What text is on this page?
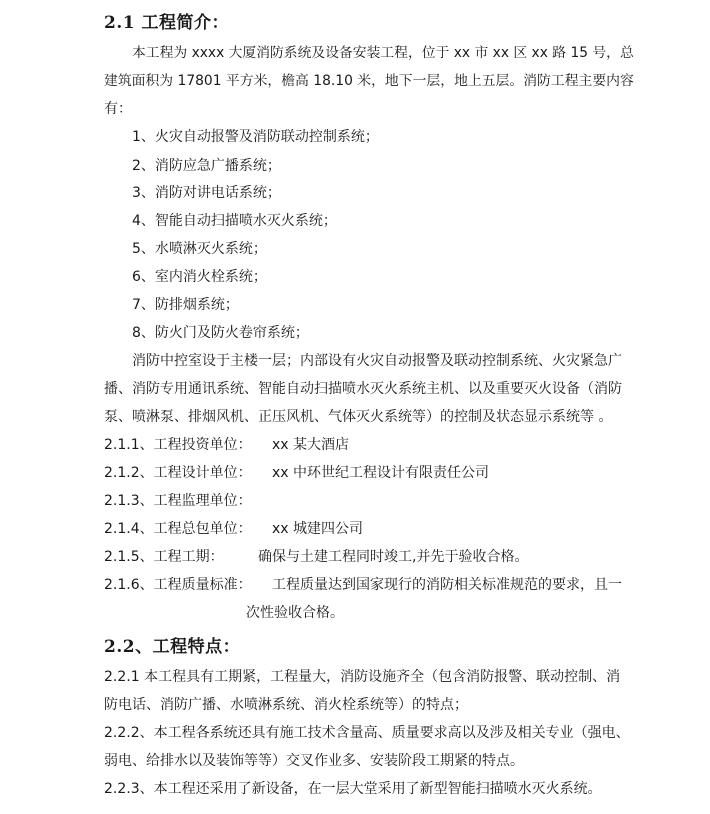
2.1 工程简介：
本工程为 xxxx 大厦消防系统及设备安装工程，位于 xx 市 xx 区 xx 路 15 号，总
建筑面积为 17801 平方米，檐高 18.10 米，地下一层，地上五层。消防工程主要内容
有：
1、火灾自动报警及消防联动控制系统；
2、消防应急广播系统；
3、消防对讲电话系统；
4、智能自动扫描喷水灭火系统；
5、水喷淋灭火系统；
6、室内消火栓系统；
7、防排烟系统；
8、防火门及防火卷帘系统；
消防中控室设于主楼一层；内部设有火灾自动报警及联动控制系统、火灾紧急广
播、消防专用通讯系统、智能自动扫描喷水灭火系统主机、以及重要灭火设备（消防
泵、喷淋泵、排烟风机、正压风机、气体灭火系统等）的控制及状态显示系统等 。
2.1.1、工程投资单位： xx 某大酒店
2.1.2、工程设计单位： xx 中环世纪工程设计有限责任公司
2.1.3、工程监理单位：
2.1.4、工程总包单位： xx 城建四公司
2.1.5、工程工期： 确保与土建工程同时竣工,并先于验收合格。
2.1.6、工程质量标准： 工程质量达到国家现行的消防相关标准规范的要求，且一
次性验收合格。
2.2、工程特点：
2.2.1 本工程具有工期紧，工程量大，消防设施齐全（包含消防报警、联动控制、消
防电话、消防广播、水喷淋系统、消火栓系统等）的特点；
2.2.2、本工程各系统还具有施工技术含量高、质量要求高以及涉及相关专业（强电、
弱电、给排水以及装饰等等）交叉作业多、安装阶段工期紧的特点。
2.2.3、本工程还采用了新设备，在一层大堂采用了新型智能扫描喷水灭火系统。
